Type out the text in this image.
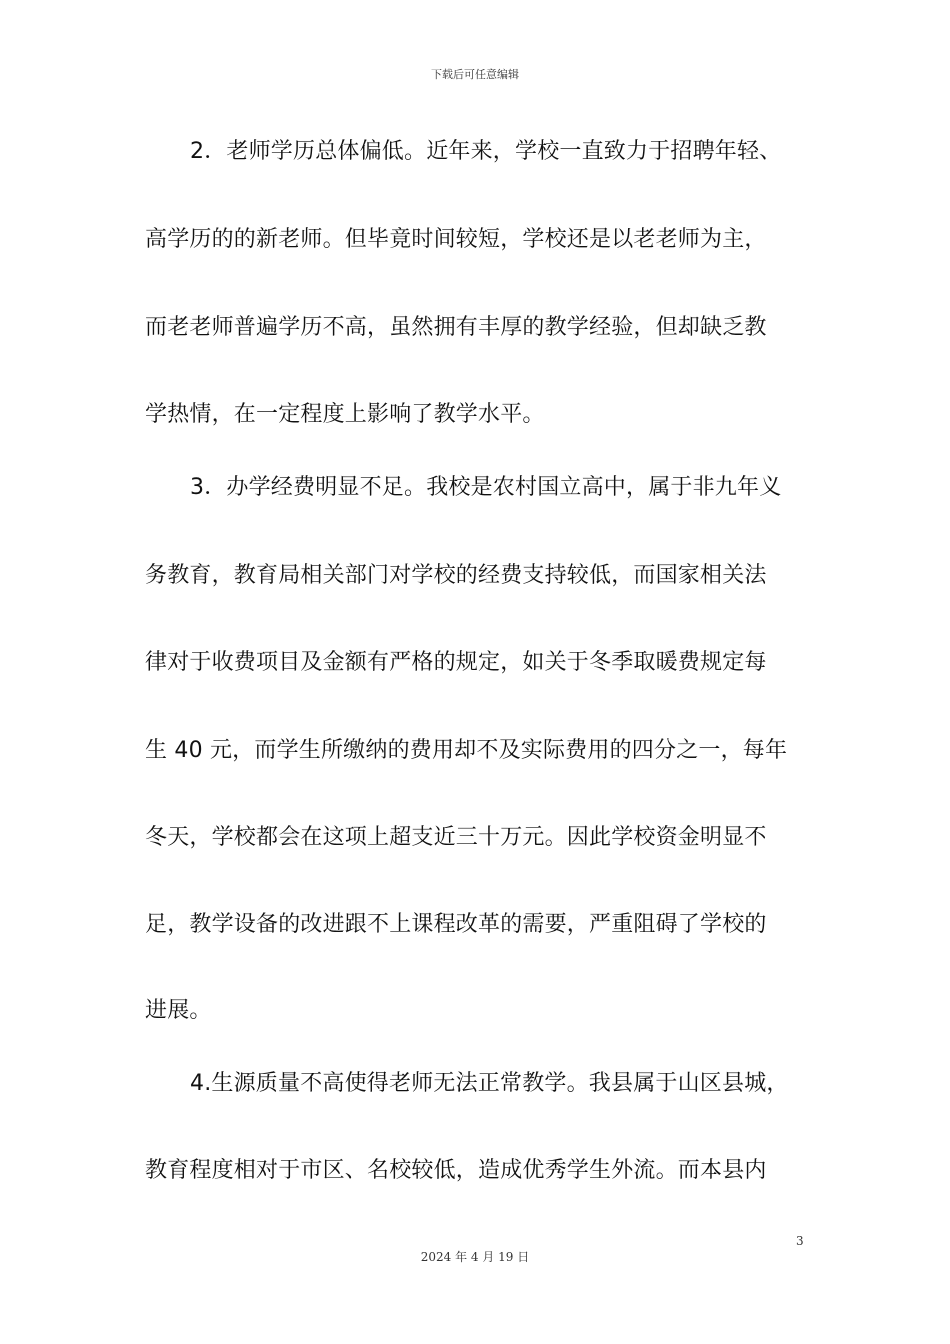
下载后可任意编辑
2．老师学历总体偏低。近年来，学校一直致力于招聘年轻、
高学历的的新老师。但毕竟时间较短，学校还是以老老师为主，
而老老师普遍学历不高，虽然拥有丰厚的教学经验，但却缺乏教
学热情，在一定程度上影响了教学水平。
3．办学经费明显不足。我校是农村国立高中，属于非九年义
务教育，教育局相关部门对学校的经费支持较低，而国家相关法
律对于收费项目及金额有严格的规定，如关于冬季取暖费规定每
生 40 元，而学生所缴纳的费用却不及实际费用的四分之一，每年
冬天，学校都会在这项上超支近三十万元。因此学校资金明显不
足，教学设备的改进跟不上课程改革的需要，严重阻碍了学校的
进展。
4.生源质量不高使得老师无法正常教学。我县属于山区县城，
教育程度相对于市区、名校较低，造成优秀学生外流。而本县内
3
2024 年 4 月 19 日
